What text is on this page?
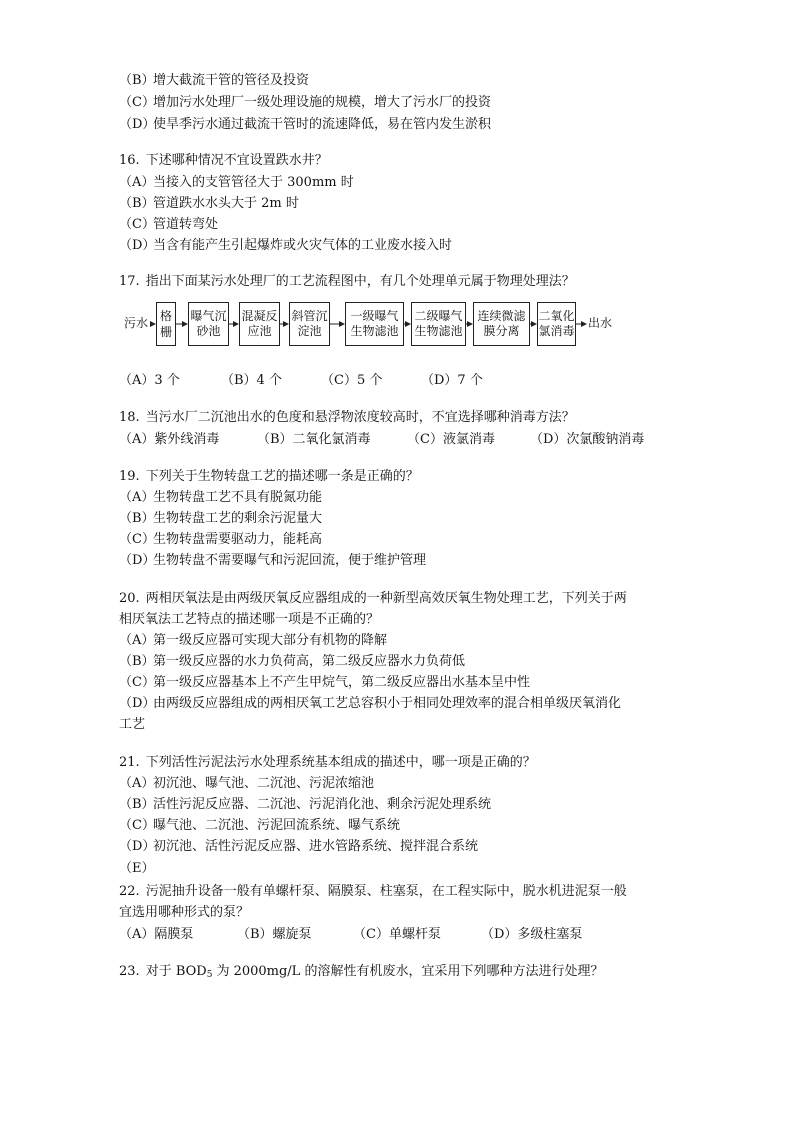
（B）增大截流干管的管径及投资
（C）增加污水处理厂一级处理设施的规模，增大了污水厂的投资
（D）使旱季污水通过截流干管时的流速降低，易在管内发生淤积
16. 下述哪种情况不宜设置跌水井？
（A）当接入的支管管径大于 300mm 时
（B）管道跌水水头大于 2m 时
（C）管道转弯处
（D）当含有能产生引起爆炸或火灾气体的工业废水接入时
17. 指出下面某污水处理厂的工艺流程图中，有几个处理单元属于物理处理法？
污水 格栅
曝气沉砂池
混凝反应池
斜管沉淀池
一级曝气生物滤池
二级曝气生物滤池
连续微滤膜分离
二氧化氯消毒
出水
（A）3 个	（B）4 个	（C）5 个	（D）7 个
18. 当污水厂二沉池出水的色度和悬浮物浓度较高时，不宜选择哪种消毒方法？
（A）紫外线消毒	（B）二氧化氯消毒	（C）液氯消毒	（D）次氯酸钠消毒
19. 下列关于生物转盘工艺的描述哪一条是正确的？
（A）生物转盘工艺不具有脱氮功能
（B）生物转盘工艺的剩余污泥量大
（C）生物转盘需要驱动力，能耗高
（D）生物转盘不需要曝气和污泥回流，便于维护管理
20. 两相厌氧法是由两级厌氧反应器组成的一种新型高效厌氧生物处理工艺，下列关于两
相厌氧法工艺特点的描述哪一项是不正确的？
（A）第一级反应器可实现大部分有机物的降解
（B）第一级反应器的水力负荷高，第二级反应器水力负荷低
（C）第一级反应器基本上不产生甲烷气，第二级反应器出水基本呈中性
（D）由两级反应器组成的两相厌氧工艺总容积小于相同处理效率的混合相单级厌氧消化
工艺
21. 下列活性污泥法污水处理系统基本组成的描述中，哪一项是正确的？
（A）初沉池、曝气池、二沉池、污泥浓缩池
（B）活性污泥反应器、二沉池、污泥消化池、剩余污泥处理系统
（C）曝气池、二沉池、污泥回流系统、曝气系统
（D）初沉池、活性污泥反应器、进水管路系统、搅拌混合系统
（E）
22. 污泥抽升设备一般有单螺杆泵、隔膜泵、柱塞泵，在工程实际中，脱水机进泥泵一般
宜选用哪种形式的泵？
（A）隔膜泵	（B）螺旋泵	（C）单螺杆泵	（D）多级柱塞泵
23. 对于 $BOD_5$ 为 2000mg/L 的溶解性有机废水，宜采用下列哪种方法进行处理？
